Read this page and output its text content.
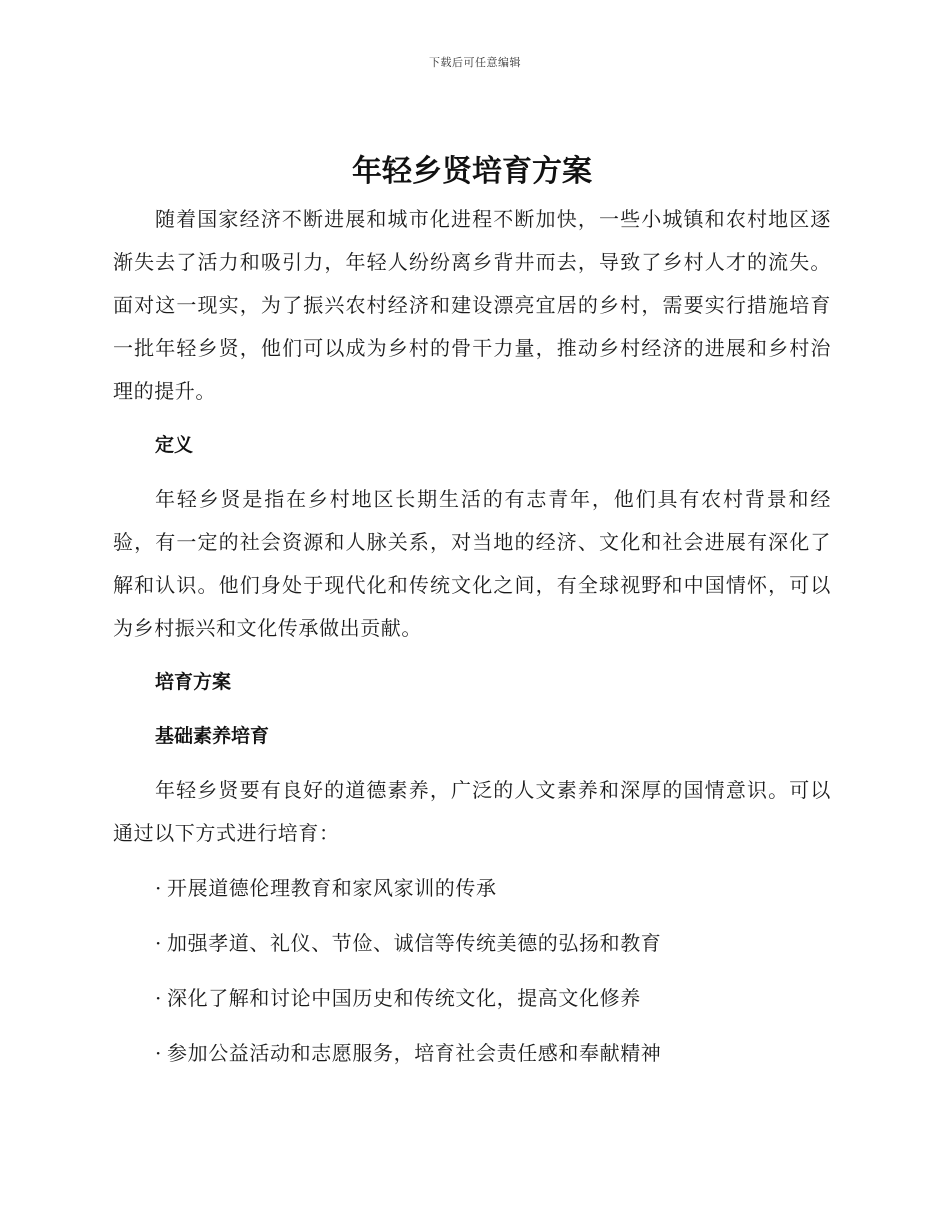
下载后可任意编辑
年轻乡贤培育方案

随着国家经济不断进展和城市化进程不断加快，一些小城镇和农村地区逐渐失去了活力和吸引力，年轻人纷纷离乡背井而去，导致了乡村人才的流失。面对这一现实，为了振兴农村经济和建设漂亮宜居的乡村，需要实行措施培育一批年轻乡贤，他们可以成为乡村的骨干力量，推动乡村经济的进展和乡村治理的提升。

定义

年轻乡贤是指在乡村地区长期生活的有志青年，他们具有农村背景和经验，有一定的社会资源和人脉关系，对当地的经济、文化和社会进展有深化了解和认识。他们身处于现代化和传统文化之间，有全球视野和中国情怀，可以为乡村振兴和文化传承做出贡献。

培育方案
基础素养培育

年轻乡贤要有良好的道德素养，广泛的人文素养和深厚的国情意识。可以通过以下方式进行培育：

· 开展道德伦理教育和家风家训的传承
· 加强孝道、礼仪、节俭、诚信等传统美德的弘扬和教育
· 深化了解和讨论中国历史和传统文化，提高文化修养
· 参加公益活动和志愿服务，培育社会责任感和奉献精神
